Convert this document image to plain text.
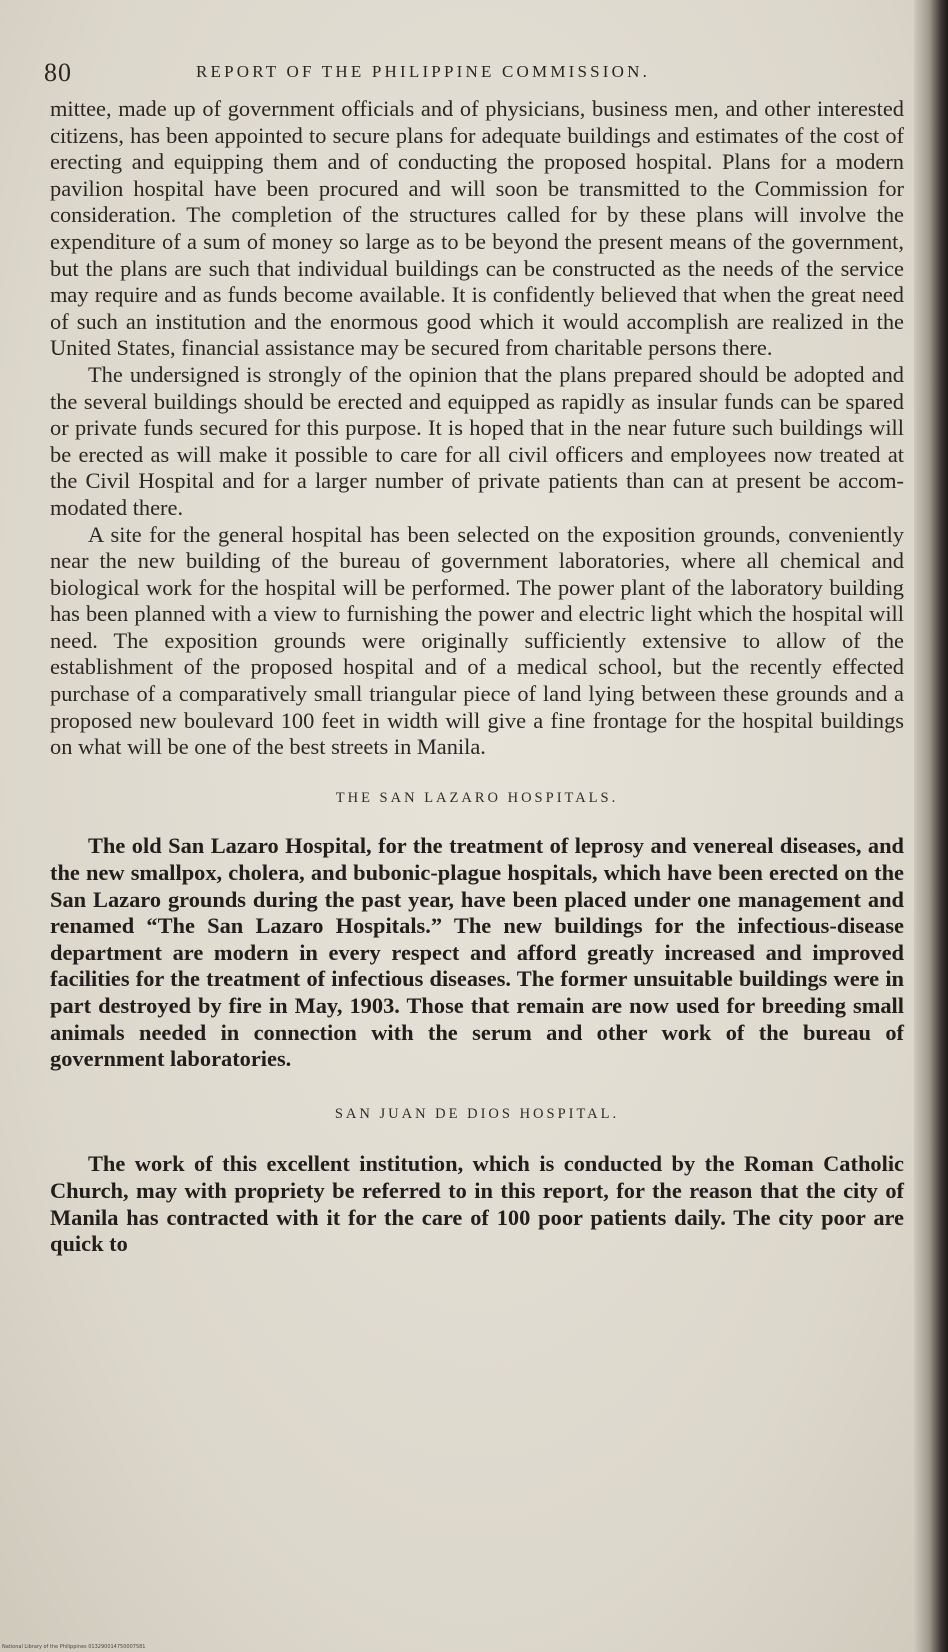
80	REPORT OF THE PHILIPPINE COMMISSION.

mittee, made up of government officials and of physicians, business men, and other interested citizens, has been appointed to secure plans for adequate buildings and estimates of the cost of erecting and equipping them and of conducting the proposed hospital. Plans for a modern pavilion hospital have been procured and will soon be transmitted to the Commission for consideration. The completion of the structures called for by these plans will involve the expenditure of a sum of money so large as to be beyond the present means of the government, but the plans are such that individual buildings can be constructed as the needs of the service may require and as funds become available. It is confidently believed that when the great need of such an institution and the enormous good which it would accomplish are realized in the United States, financial assistance may be secured from charitable persons there.

The undersigned is strongly of the opinion that the plans prepared should be adopted and the several buildings should be erected and equipped as rapidly as insular funds can be spared or private funds secured for this purpose. It is hoped that in the near future such buildings will be erected as will make it possible to care for all civil officers and employees now treated at the Civil Hospital and for a larger number of private patients than can at present be accommodated there.

A site for the general hospital has been selected on the exposition grounds, conveniently near the new building of the bureau of government laboratories, where all chemical and biological work for the hospital will be performed. The power plant of the laboratory building has been planned with a view to furnishing the power and electric light which the hospital will need. The exposition grounds were originally sufficiently extensive to allow of the establishment of the proposed hospital and of a medical school, but the recently effected purchase of a comparatively small triangular piece of land lying between these grounds and a proposed new boulevard 100 feet in width will give a fine frontage for the hospital buildings on what will be one of the best streets in Manila.

THE SAN LAZARO HOSPITALS.

The old San Lazaro Hospital, for the treatment of leprosy and venereal diseases, and the new smallpox, cholera, and bubonic-plague hospitals, which have been erected on the San Lazaro grounds during the past year, have been placed under one management and renamed “The San Lazaro Hospitals.” The new buildings for the infectious-disease department are modern in every respect and afford greatly increased and improved facilities for the treatment of infectious diseases. The former unsuitable buildings were in part destroyed by fire in May, 1903. Those that remain are now used for breeding small animals needed in connection with the serum and other work of the bureau of government laboratories.

SAN JUAN DE DIOS HOSPITAL.

The work of this excellent institution, which is conducted by the Roman Catholic Church, may with propriety be referred to in this report, for the reason that the city of Manila has contracted with it for the care of 100 poor patients daily. The city poor are quick to

National Library of the Philippines 013290014750007581
